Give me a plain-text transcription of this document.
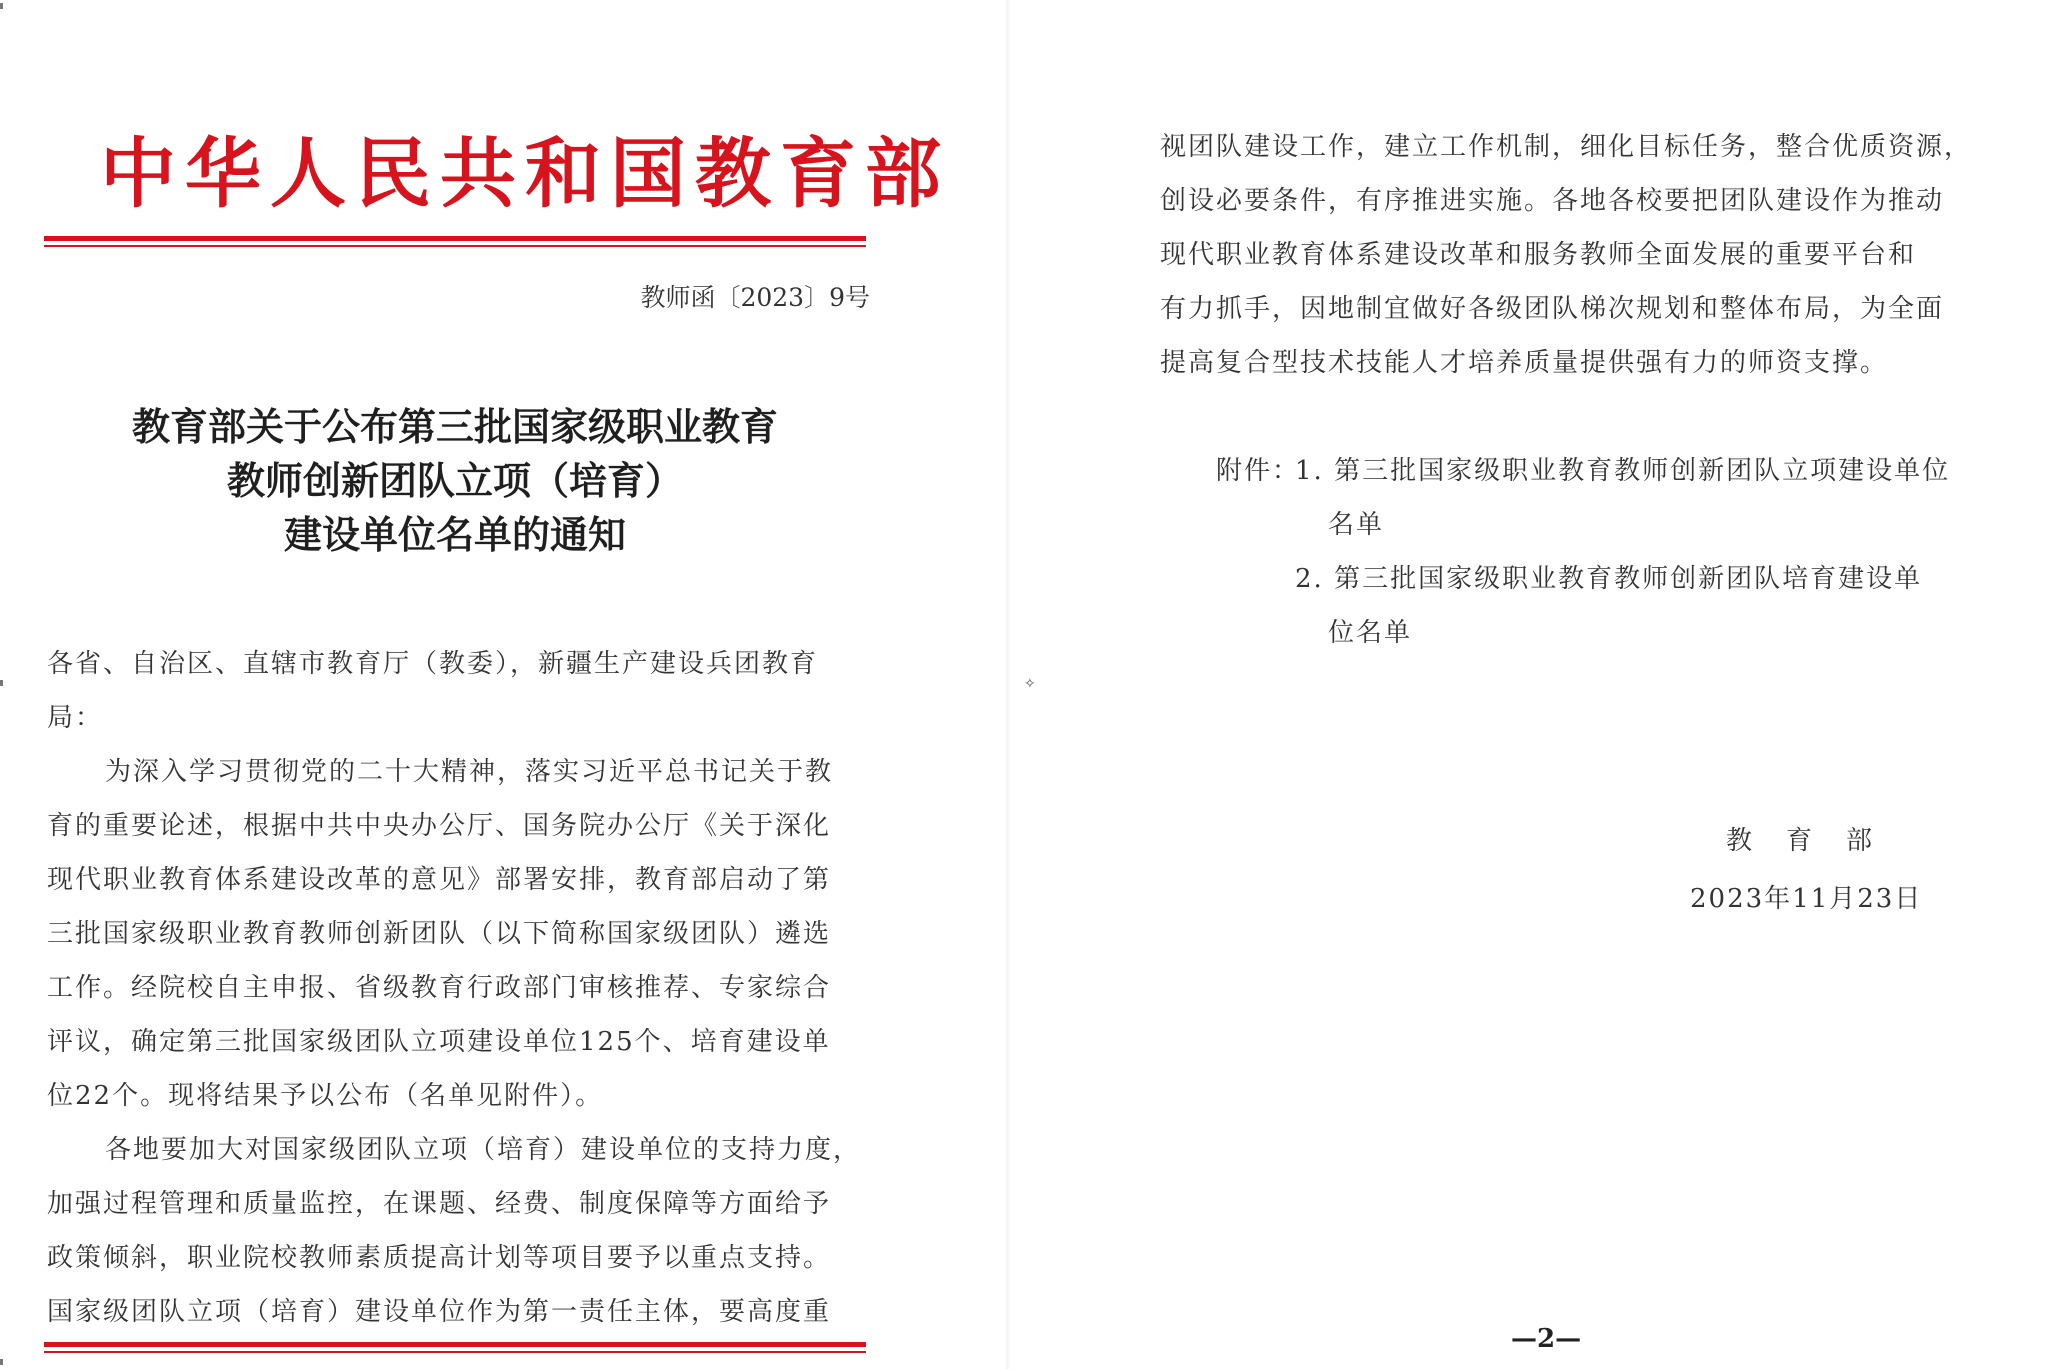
中华人民共和国教育部
教师函〔2023〕9号
教育部关于公布第三批国家级职业教育
教师创新团队立项（培育）
建设单位名单的通知
各省、自治区、直辖市教育厅（教委），新疆生产建设兵团教育
局：
为深入学习贯彻党的二十大精神，落实习近平总书记关于教
育的重要论述，根据中共中央办公厅、国务院办公厅《关于深化
现代职业教育体系建设改革的意见》部署安排，教育部启动了第
三批国家级职业教育教师创新团队（以下简称国家级团队）遴选
工作。经院校自主申报、省级教育行政部门审核推荐、专家综合
评议，确定第三批国家级团队立项建设单位125个、培育建设单
位22个。现将结果予以公布（名单见附件）。
各地要加大对国家级团队立项（培育）建设单位的支持力度，
加强过程管理和质量监控，在课题、经费、制度保障等方面给予
政策倾斜，职业院校教师素质提高计划等项目要予以重点支持。
国家级团队立项（培育）建设单位作为第一责任主体，要高度重
视团队建设工作，建立工作机制，细化目标任务，整合优质资源，
创设必要条件，有序推进实施。各地各校要把团队建设作为推动
现代职业教育体系建设改革和服务教师全面发展的重要平台和
有力抓手，因地制宜做好各级团队梯次规划和整体布局，为全面
提高复合型技术技能人才培养质量提供强有力的师资支撑。
附件：
1. 第三批国家级职业教育教师创新团队立项建设单位
名单
2. 第三批国家级职业教育教师创新团队培育建设单
位名单
教　育　部
2023年11月23日
—2—
✧
